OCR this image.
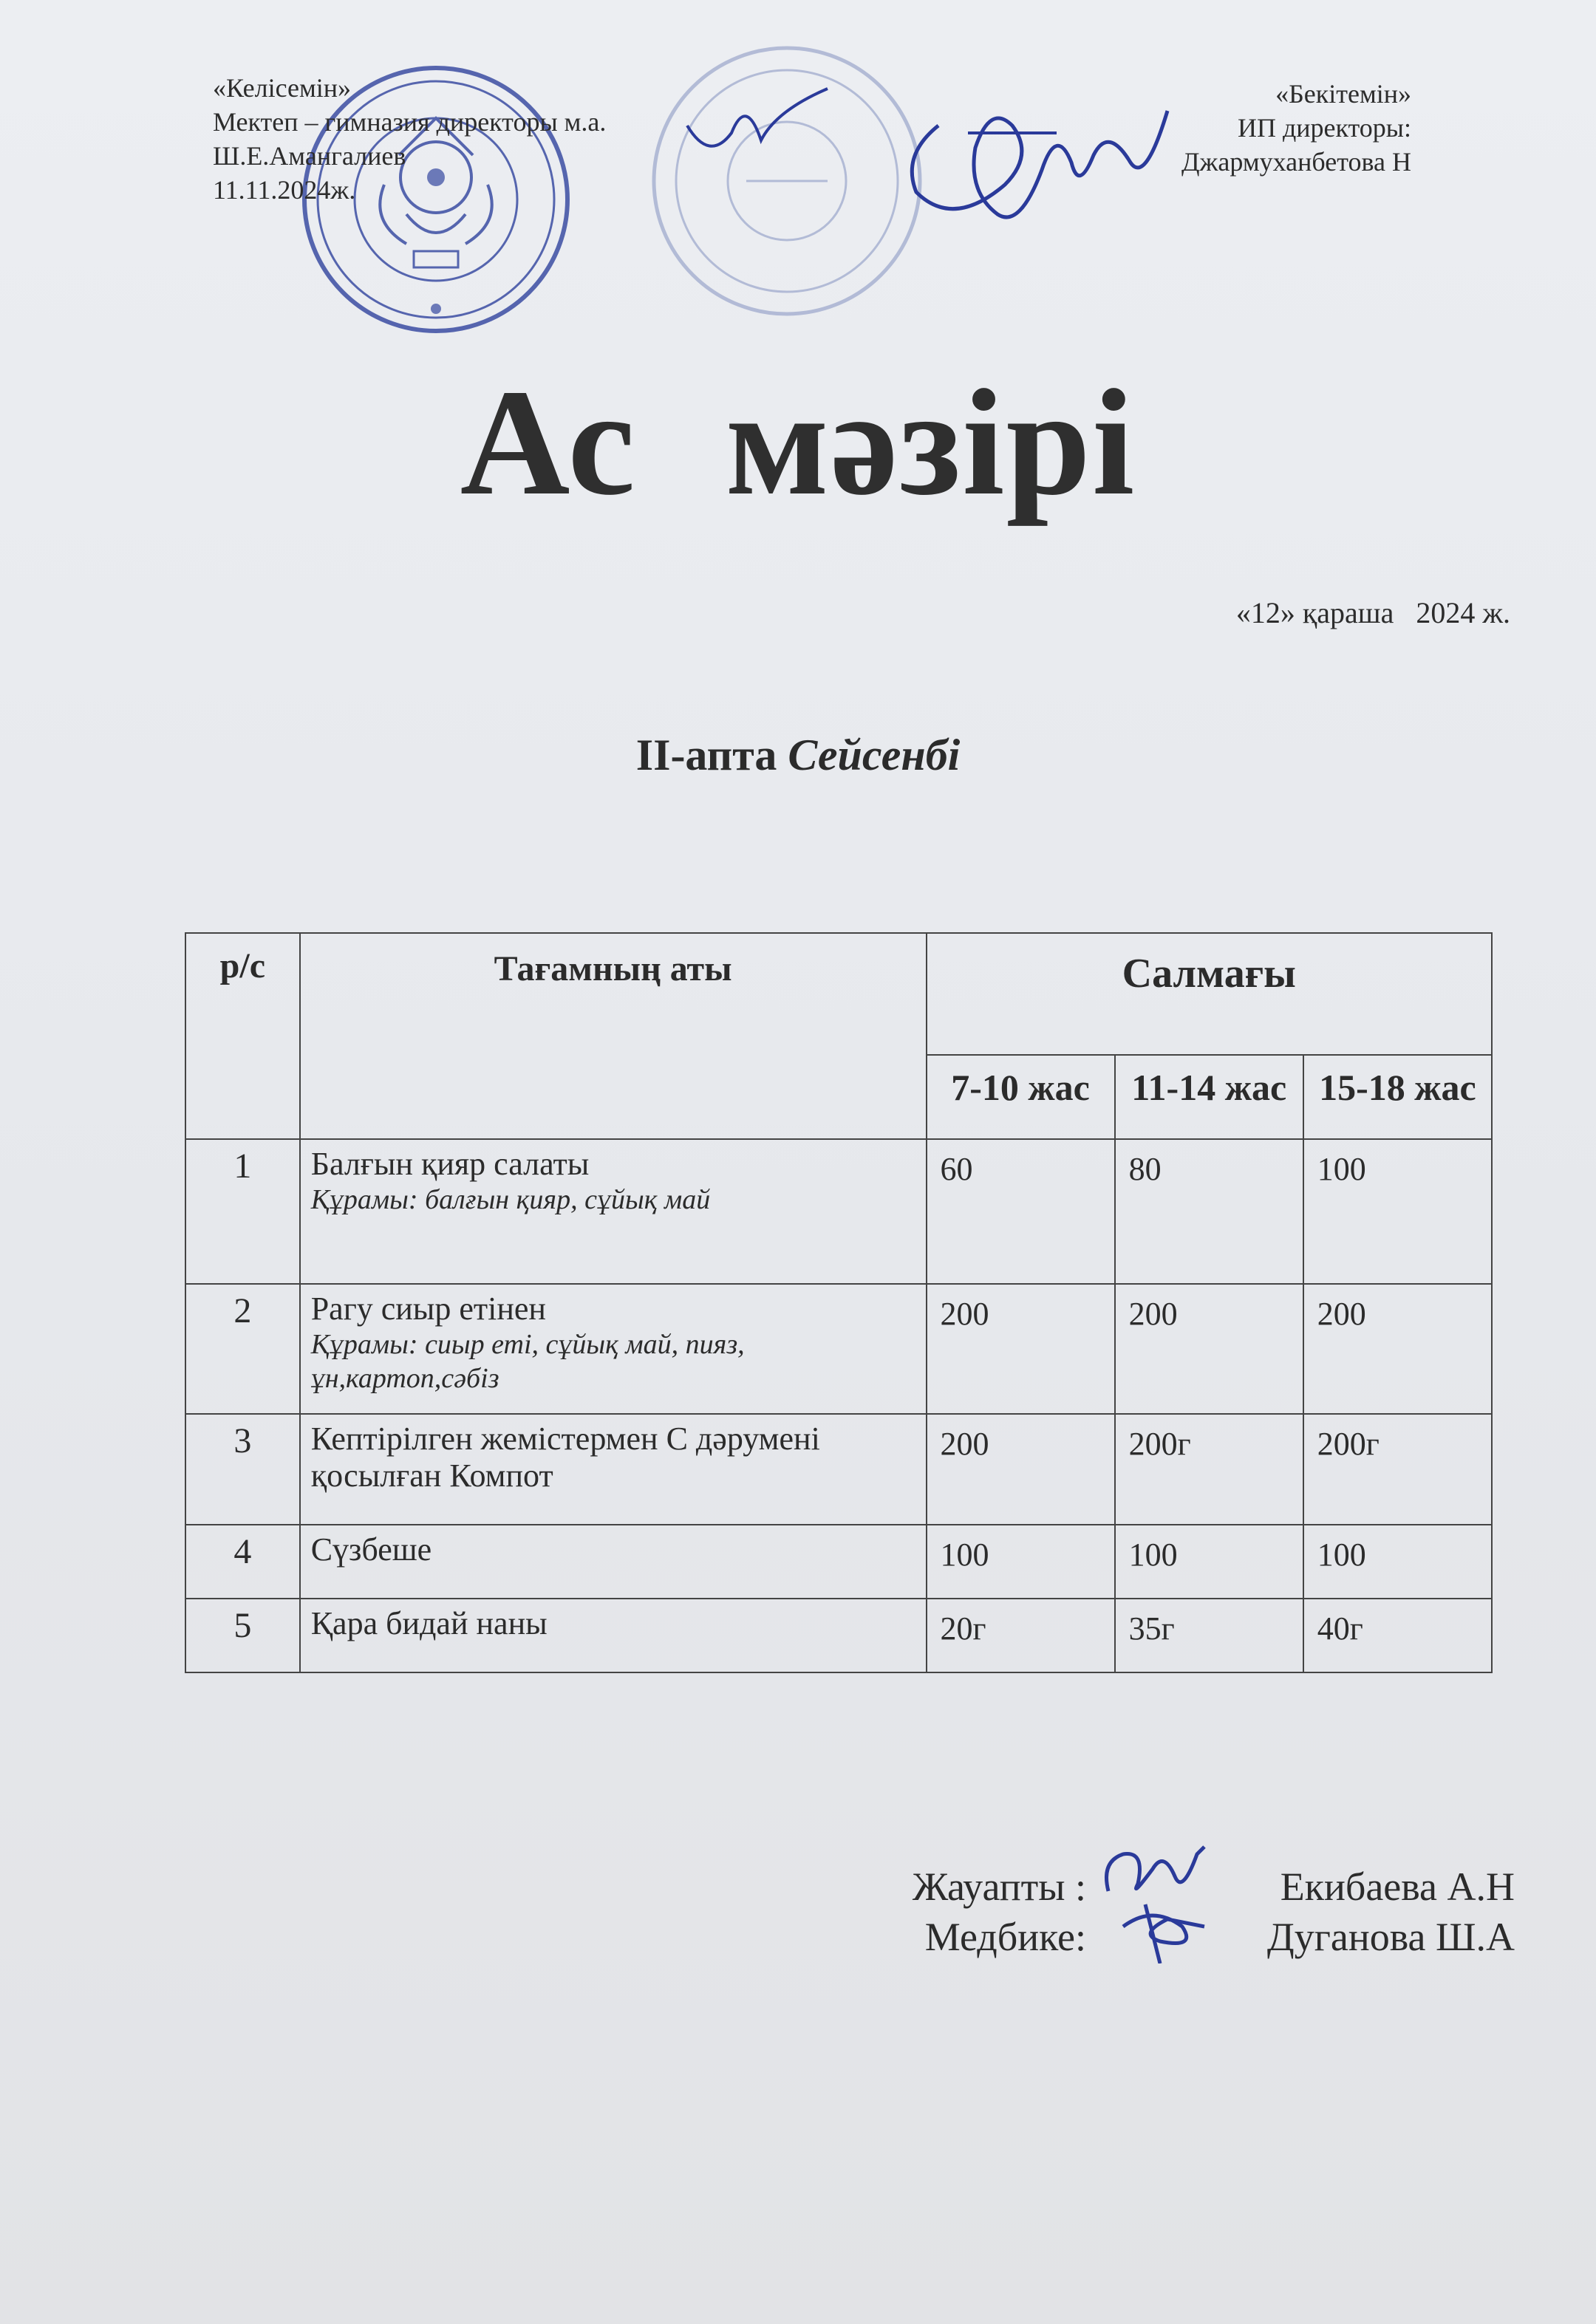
«Келісемін»
Мектеп – гимназия директоры м.а.
Ш.Е.Амангалиев
11.11.2024ж.
«Бекітемін»
ИП директоры:
Джармуханбетова Н
Ас мәзірі
«12» қараша   2024 ж.
ІІ-апта Сейсенбі
р/с	Тағамның аты	Салмағы		
		7-10 жас	11-14 жас	15-18 жас
1	Балғын қияр салаты
Құрамы: балғын қияр, сұйық май	60	80	100
2	Рагу сиыр етінен
Құрамы: сиыр еті, сұйық май, пияз, ұн,картоп,сәбіз	200	200	200
3	Кептірілген жемістермен С дәрумені қосылған Компот	200	200г	200г
4	Сүзбеше	100	100	100
5	Қара бидай наны	20г	35г	40г
Жауапты :	Екибаева А.Н
Медбике:	Дуганова Ш.А
